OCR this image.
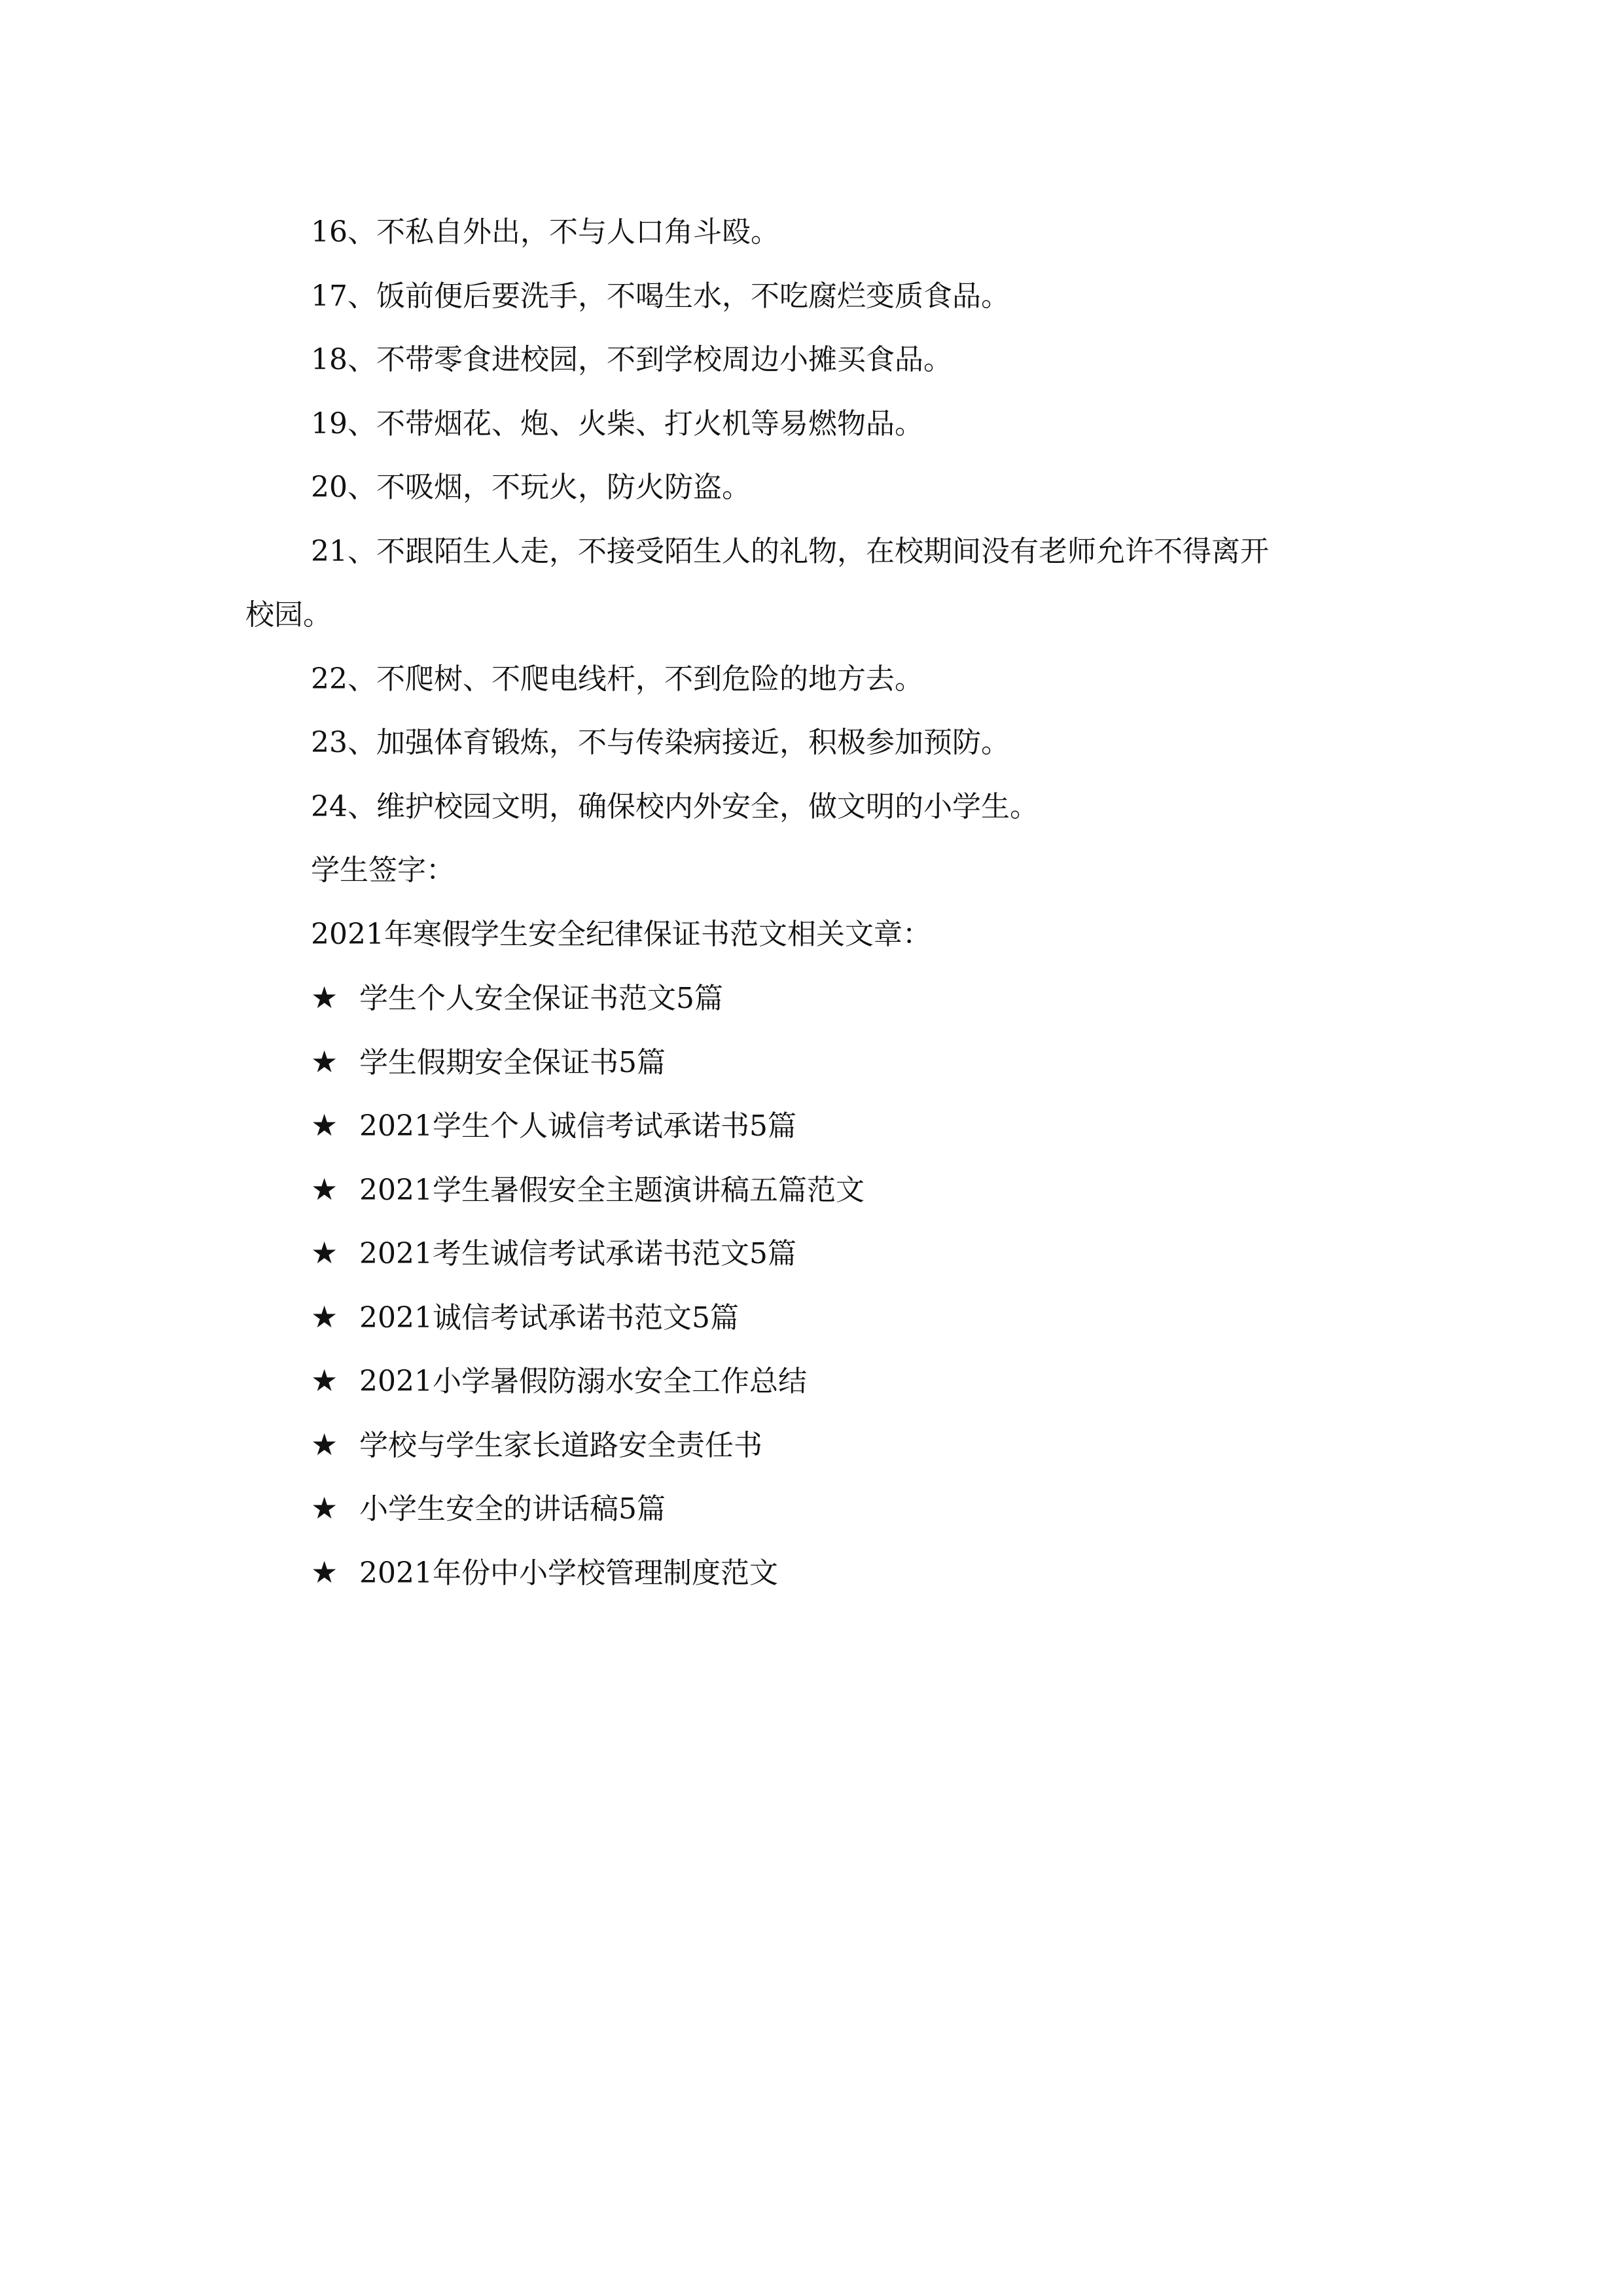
16、不私自外出，不与人口角斗殴。
17、饭前便后要洗手，不喝生水，不吃腐烂变质食品。
18、不带零食进校园，不到学校周边小摊买食品。
19、不带烟花、炮、火柴、打火机等易燃物品。
20、不吸烟，不玩火，防火防盗。
21、不跟陌生人走，不接受陌生人的礼物，在校期间没有老师允许不得离开
校园。
22、不爬树、不爬电线杆，不到危险的地方去。
23、加强体育锻炼，不与传染病接近，积极参加预防。
24、维护校园文明，确保校内外安全，做文明的小学生。
学生签字：
2021年寒假学生安全纪律保证书范文相关文章：
★ 学生个人安全保证书范文5篇
★ 学生假期安全保证书5篇
★ 2021学生个人诚信考试承诺书5篇
★ 2021学生暑假安全主题演讲稿五篇范文
★ 2021考生诚信考试承诺书范文5篇
★ 2021诚信考试承诺书范文5篇
★ 2021小学暑假防溺水安全工作总结
★ 学校与学生家长道路安全责任书
★ 小学生安全的讲话稿5篇
★ 2021年份中小学校管理制度范文
